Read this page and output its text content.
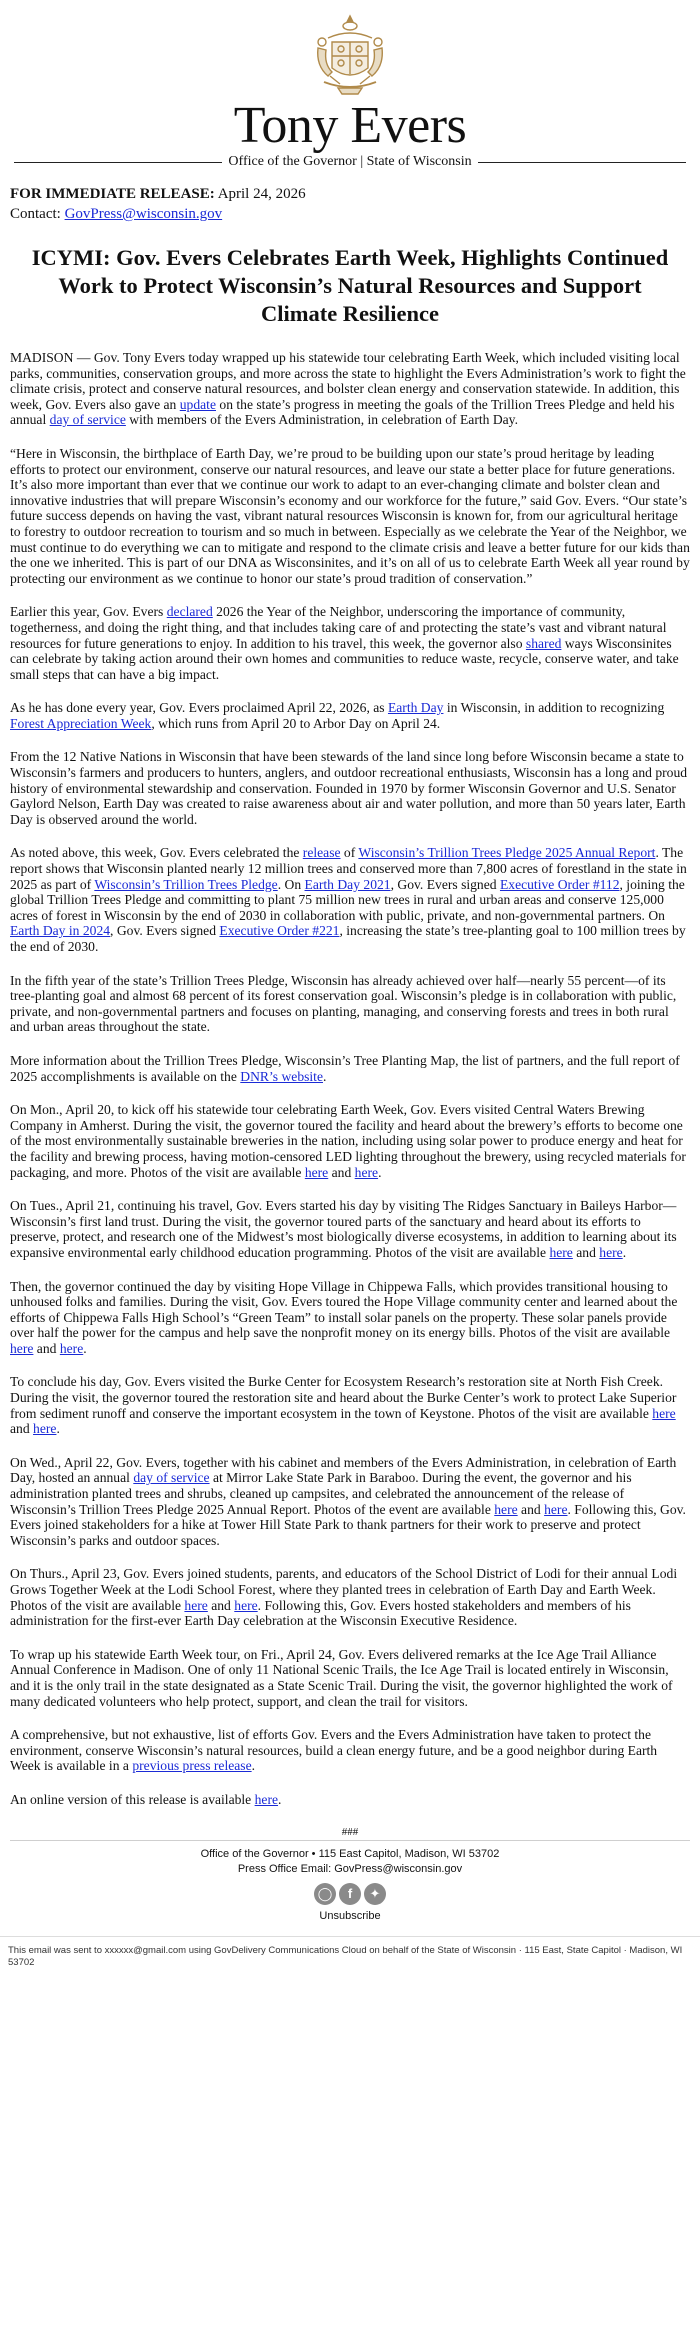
Tony Evers
Office of the Governor | State of Wisconsin
FOR IMMEDIATE RELEASE: April 24, 2026
Contact: GovPress@wisconsin.gov
ICYMI: Gov. Evers Celebrates Earth Week, Highlights Continued Work to Protect Wisconsin’s Natural Resources and Support Climate Resilience

MADISON — Gov. Tony Evers today wrapped up his statewide tour celebrating Earth Week, which included visiting local parks, communities, conservation groups, and more across the state to highlight the Evers Administration’s work to fight the climate crisis, protect and conserve natural resources, and bolster clean energy and conservation statewide. In addition, this week, Gov. Evers also gave an update on the state’s progress in meeting the goals of the Trillion Trees Pledge and held his annual day of service with members of the Evers Administration, in celebration of Earth Day.

“Here in Wisconsin, the birthplace of Earth Day, we’re proud to be building upon our state’s proud heritage by leading efforts to protect our environment, conserve our natural resources, and leave our state a better place for future generations. It’s also more important than ever that we continue our work to adapt to an ever-changing climate and bolster clean and innovative industries that will prepare Wisconsin’s economy and our workforce for the future,” said Gov. Evers. “Our state’s future success depends on having the vast, vibrant natural resources Wisconsin is known for, from our agricultural heritage to forestry to outdoor recreation to tourism and so much in between. Especially as we celebrate the Year of the Neighbor, we must continue to do everything we can to mitigate and respond to the climate crisis and leave a better future for our kids than the one we inherited. This is part of our DNA as Wisconsinites, and it’s on all of us to celebrate Earth Week all year round by protecting our environment as we continue to honor our state’s proud tradition of conservation.”

Earlier this year, Gov. Evers declared 2026 the Year of the Neighbor, underscoring the importance of community, togetherness, and doing the right thing, and that includes taking care of and protecting the state’s vast and vibrant natural resources for future generations to enjoy. In addition to his travel, this week, the governor also shared ways Wisconsinites can celebrate by taking action around their own homes and communities to reduce waste, recycle, conserve water, and take small steps that can have a big impact.

As he has done every year, Gov. Evers proclaimed April 22, 2026, as Earth Day in Wisconsin, in addition to recognizing Forest Appreciation Week, which runs from April 20 to Arbor Day on April 24.

From the 12 Native Nations in Wisconsin that have been stewards of the land since long before Wisconsin became a state to Wisconsin’s farmers and producers to hunters, anglers, and outdoor recreational enthusiasts, Wisconsin has a long and proud history of environmental stewardship and conservation. Founded in 1970 by former Wisconsin Governor and U.S. Senator Gaylord Nelson, Earth Day was created to raise awareness about air and water pollution, and more than 50 years later, Earth Day is observed around the world.

As noted above, this week, Gov. Evers celebrated the release of Wisconsin’s Trillion Trees Pledge 2025 Annual Report. The report shows that Wisconsin planted nearly 12 million trees and conserved more than 7,800 acres of forestland in the state in 2025 as part of Wisconsin’s Trillion Trees Pledge. On Earth Day 2021, Gov. Evers signed Executive Order #112, joining the global Trillion Trees Pledge and committing to plant 75 million new trees in rural and urban areas and conserve 125,000 acres of forest in Wisconsin by the end of 2030 in collaboration with public, private, and non-governmental partners. On Earth Day in 2024, Gov. Evers signed Executive Order #221, increasing the state’s tree-planting goal to 100 million trees by the end of 2030.

In the fifth year of the state’s Trillion Trees Pledge, Wisconsin has already achieved over half—nearly 55 percent—of its tree-planting goal and almost 68 percent of its forest conservation goal. Wisconsin’s pledge is in collaboration with public, private, and non-governmental partners and focuses on planting, managing, and conserving forests and trees in both rural and urban areas throughout the state.

More information about the Trillion Trees Pledge, Wisconsin’s Tree Planting Map, the list of partners, and the full report of 2025 accomplishments is available on the DNR’s website.

On Mon., April 20, to kick off his statewide tour celebrating Earth Week, Gov. Evers visited Central Waters Brewing Company in Amherst. During the visit, the governor toured the facility and heard about the brewery’s efforts to become one of the most environmentally sustainable breweries in the nation, including using solar power to produce energy and heat for the facility and brewing process, having motion-censored LED lighting throughout the brewery, using recycled materials for packaging, and more. Photos of the visit are available here and here.

On Tues., April 21, continuing his travel, Gov. Evers started his day by visiting The Ridges Sanctuary in Baileys Harbor—Wisconsin’s first land trust. During the visit, the governor toured parts of the sanctuary and heard about its efforts to preserve, protect, and research one of the Midwest’s most biologically diverse ecosystems, in addition to learning about its expansive environmental early childhood education programming. Photos of the visit are available here and here.

Then, the governor continued the day by visiting Hope Village in Chippewa Falls, which provides transitional housing to unhoused folks and families. During the visit, Gov. Evers toured the Hope Village community center and learned about the efforts of Chippewa Falls High School’s “Green Team” to install solar panels on the property. These solar panels provide over half the power for the campus and help save the nonprofit money on its energy bills. Photos of the visit are available here and here.

To conclude his day, Gov. Evers visited the Burke Center for Ecosystem Research’s restoration site at North Fish Creek. During the visit, the governor toured the restoration site and heard about the Burke Center’s work to protect Lake Superior from sediment runoff and conserve the important ecosystem in the town of Keystone. Photos of the visit are available here and here.

On Wed., April 22, Gov. Evers, together with his cabinet and members of the Evers Administration, in celebration of Earth Day, hosted an annual day of service at Mirror Lake State Park in Baraboo. During the event, the governor and his administration planted trees and shrubs, cleaned up campsites, and celebrated the announcement of the release of Wisconsin’s Trillion Trees Pledge 2025 Annual Report. Photos of the event are available here and here. Following this, Gov. Evers joined stakeholders for a hike at Tower Hill State Park to thank partners for their work to preserve and protect Wisconsin’s parks and outdoor spaces.

On Thurs., April 23, Gov. Evers joined students, parents, and educators of the School District of Lodi for their annual Lodi Grows Together Week at the Lodi School Forest, where they planted trees in celebration of Earth Day and Earth Week. Photos of the visit are available here and here. Following this, Gov. Evers hosted stakeholders and members of his administration for the first-ever Earth Day celebration at the Wisconsin Executive Residence.

To wrap up his statewide Earth Week tour, on Fri., April 24, Gov. Evers delivered remarks at the Ice Age Trail Alliance Annual Conference in Madison. One of only 11 National Scenic Trails, the Ice Age Trail is located entirely in Wisconsin, and it is the only trail in the state designated as a State Scenic Trail. During the visit, the governor highlighted the work of many dedicated volunteers who help protect, support, and clean the trail for visitors.

A comprehensive, but not exhaustive, list of efforts Gov. Evers and the Evers Administration have taken to protect the environment, conserve Wisconsin’s natural resources, build a clean energy future, and be a good neighbor during Earth Week is available in a previous press release.

An online version of this release is available here.

###
Office of the Governor • 115 East Capitol, Madison, WI 53702
Press Office Email: GovPress@wisconsin.gov
◯	f	✦
Unsubscribe
This email was sent to xxxxxx@gmail.com using GovDelivery Communications Cloud on behalf of the State of Wisconsin · 115 East, State Capitol · Madison, WI 53702
